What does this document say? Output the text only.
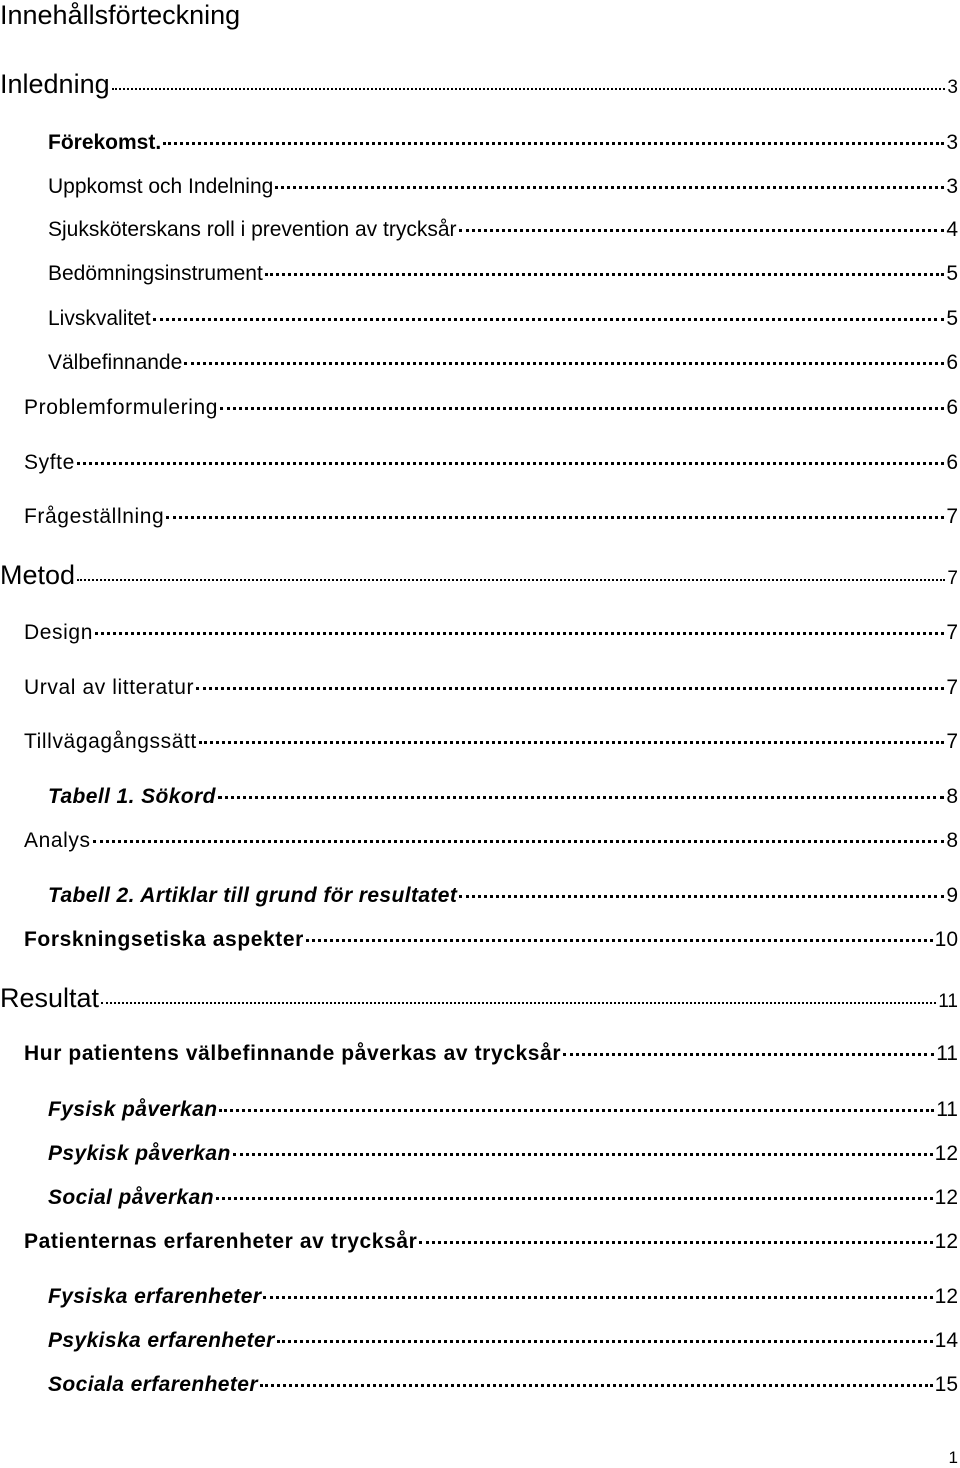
Innehållsförteckning
Inledning	3
Förekomst.	3
Uppkomst och Indelning	3
Sjuksköterskans roll i prevention av trycksår	4
Bedömningsinstrument	5
Livskvalitet	5
Välbefinnande	6
Problemformulering	6
Syfte	6
Frågeställning	7
Metod	7
Design	7
Urval av litteratur	7
Tillvägagångssätt	7
Tabell 1. Sökord	8
Analys	8
Tabell 2. Artiklar till grund för resultatet	9
Forskningsetiska aspekter	10
Resultat	11
Hur patientens välbefinnande påverkas av trycksår	11
Fysisk påverkan	11
Psykisk påverkan	12
Social påverkan	12
Patienternas erfarenheter av trycksår	12
Fysiska erfarenheter	12
Psykiska erfarenheter	14
Sociala erfarenheter	15
1
